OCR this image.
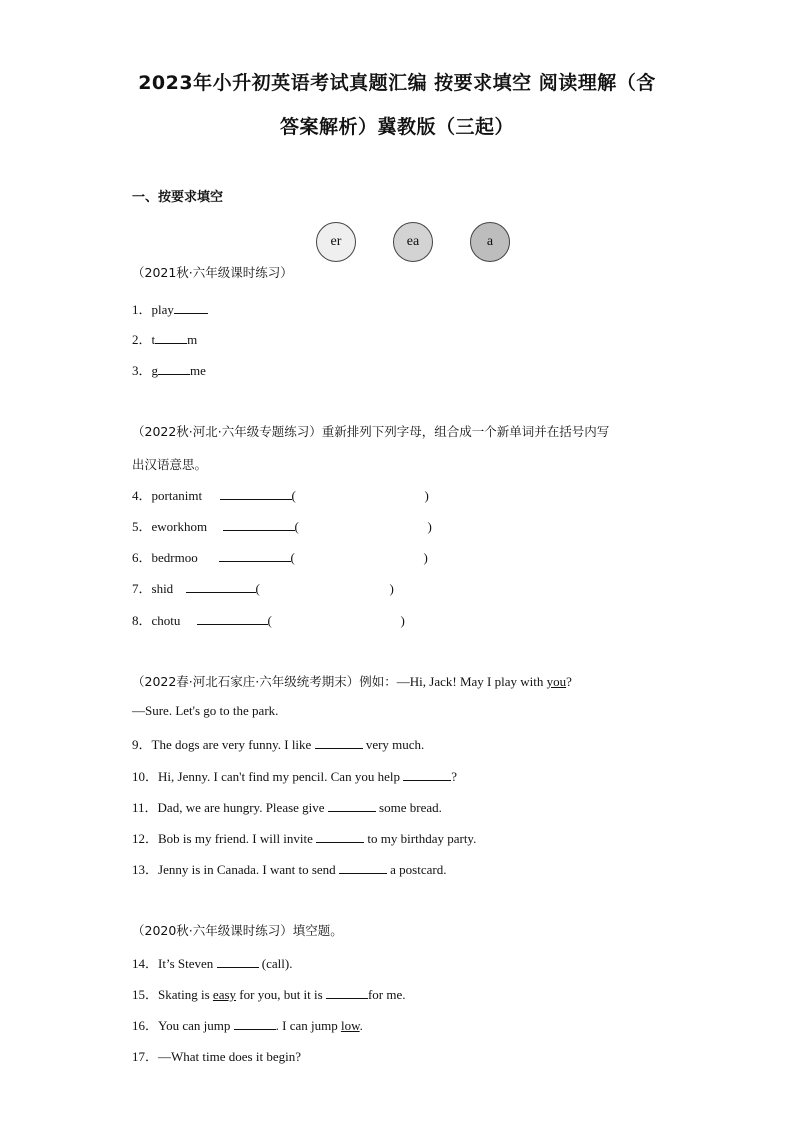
2023年小升初英语考试真题汇编 按要求填空 阅读理解（含
答案解析）冀教版（三起）
一、按要求填空
er	ea	a
（2021秋·六年级课时练习）
1．play
2．t m
3．g me
（2022秋·河北·六年级专题练习）重新排列下列字母，组合成一个新单词并在括号内写
出汉语意思。
4．portanimt	(	)
5．eworkhom	(	)
6．bedrmoo	(	)
7．shid	(	)
8．chotu	(	)
（2022春·河北石家庄·六年级统考期末）例如：—Hi, Jack! May I play with you?
—Sure. Let's go to the park.
9．The dogs are very funny. I like	very much.
10．Hi, Jenny. I can't find my pencil. Can you help	?
11．Dad, we are hungry. Please give	some bread.
12．Bob is my friend. I will invite	to my birthday party.
13．Jenny is in Canada. I want to send	a postcard.
（2020秋·六年级课时练习）填空题。
14．It’s Steven	(call).
15．Skating is easy for you, but it is	for me.
16．You can jump	. I can jump low.
17．—What time does it begin?
